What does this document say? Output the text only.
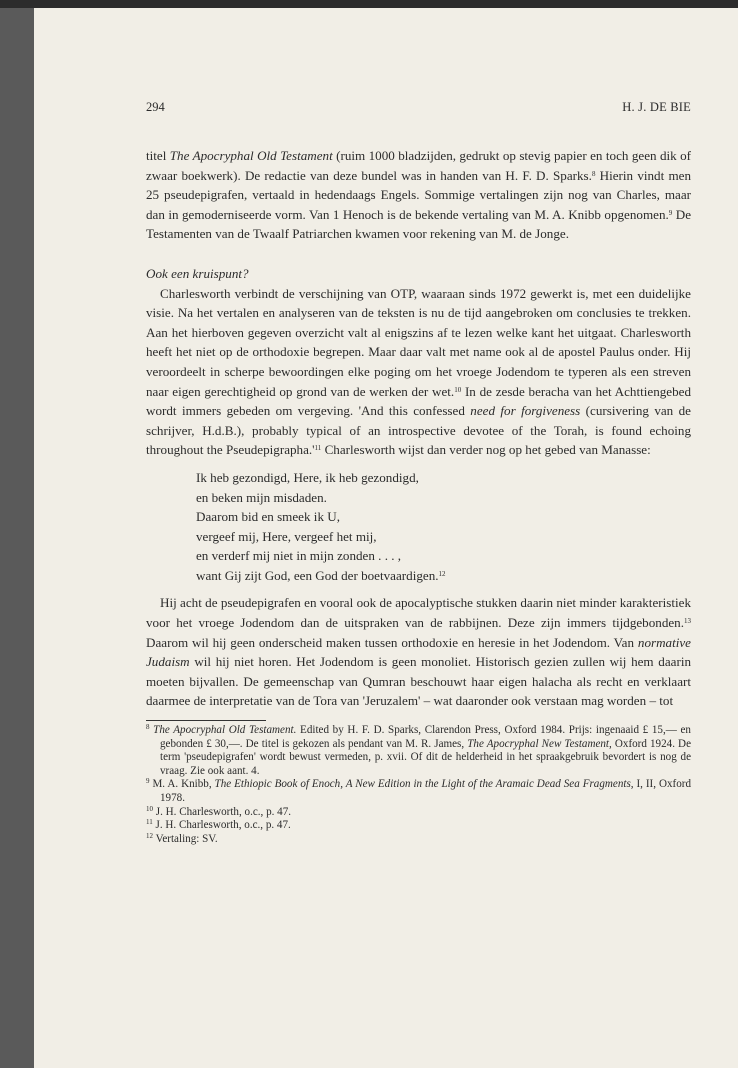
294	H. J. DE BIE

titel The Apocryphal Old Testament (ruim 1000 bladzijden, gedrukt op stevig papier en toch geen dik of zwaar boekwerk). De redactie van deze bundel was in handen van H. F. D. Sparks.$^8$ Hierin vindt men 25 pseudepigrafen, vertaald in hedendaags Engels. Sommige vertalingen zijn nog van Charles, maar dan in gemoderniseerde vorm. Van 1 Henoch is de bekende vertaling van M. A. Knibb opgenomen.$^9$ De Testamenten van de Twaalf Patriarchen kwamen voor rekening van M. de Jonge.

Ook een kruispunt?

Charlesworth verbindt de verschijning van OTP, waaraan sinds 1972 gewerkt is, met een duidelijke visie. Na het vertalen en analyseren van de teksten is nu de tijd aangebroken om conclusies te trekken. Aan het hierboven gegeven overzicht valt al enigszins af te lezen welke kant het uitgaat. Charlesworth heeft het niet op de orthodoxie begrepen. Maar daar valt met name ook al de apostel Paulus onder. Hij veroordeelt in scherpe bewoordingen elke poging om het vroege Jodendom te typeren als een streven naar eigen gerechtigheid op grond van de werken der wet.$^{10}$ In de zesde beracha van het Achttiengebed wordt immers gebeden om vergeving. 'And this confessed need for forgiveness (cursivering van de schrijver, H.d.B.), probably typical of an introspective devotee of the Torah, is found echoing throughout the $Pseudepigrapha.'^{11}$ Charlesworth wijst dan verder nog op het gebed van Manasse:

Ik heb gezondigd, Here, ik heb gezondigd,
en beken mijn misdaden.
Daarom bid en smeek ik U,
vergeef mij, Here, vergeef het mij,
en verderf mij niet in mijn zonden . . . ,
want Gij zijt God, een God der boetvaardigen.$^{12}$

Hij acht de pseudepigrafen en vooral ook de apocalyptische stukken daarin niet minder karakteristiek voor het vroege Jodendom dan de uitspraken van de rabbijnen. Deze zijn immers tijdgebonden.$^{13}$ Daarom wil hij geen onderscheid maken tussen orthodoxie en heresie in het Jodendom. Van normative Judaism wil hij niet horen. Het Jodendom is geen monoliet. Historisch gezien zullen wij hem daarin moeten bijvallen. De gemeenschap van Qumran beschouwt haar eigen halacha als recht en verklaart daarmee de interpretatie van de Tora van 'Jeruzalem' – wat daaronder ook verstaan mag worden – tot

$^8$ The Apocryphal Old Testament. Edited by H. F. D. Sparks, Clarendon Press, Oxford 1984. Prijs: ingenaaid £ 15,— en gebonden £ 30,—. De titel is gekozen als pendant van M. R. James, The Apocryphal New Testament, Oxford 1924. De term 'pseudepigrafen' wordt bewust vermeden, p. xvii. Of dit de helderheid in het spraakgebruik bevordert is nog de vraag. Zie ook aant. 4.

$^9$ M. A. Knibb, The Ethiopic Book of Enoch, A New Edition in the Light of the Aramaic Dead Sea Fragments, I, II, Oxford 1978.

$^{10}$ J. H. Charlesworth, o.c., p. 47.

$^{11}$ J. H. Charlesworth, o.c., p. 47.

$^{12}$ Vertaling: SV.
